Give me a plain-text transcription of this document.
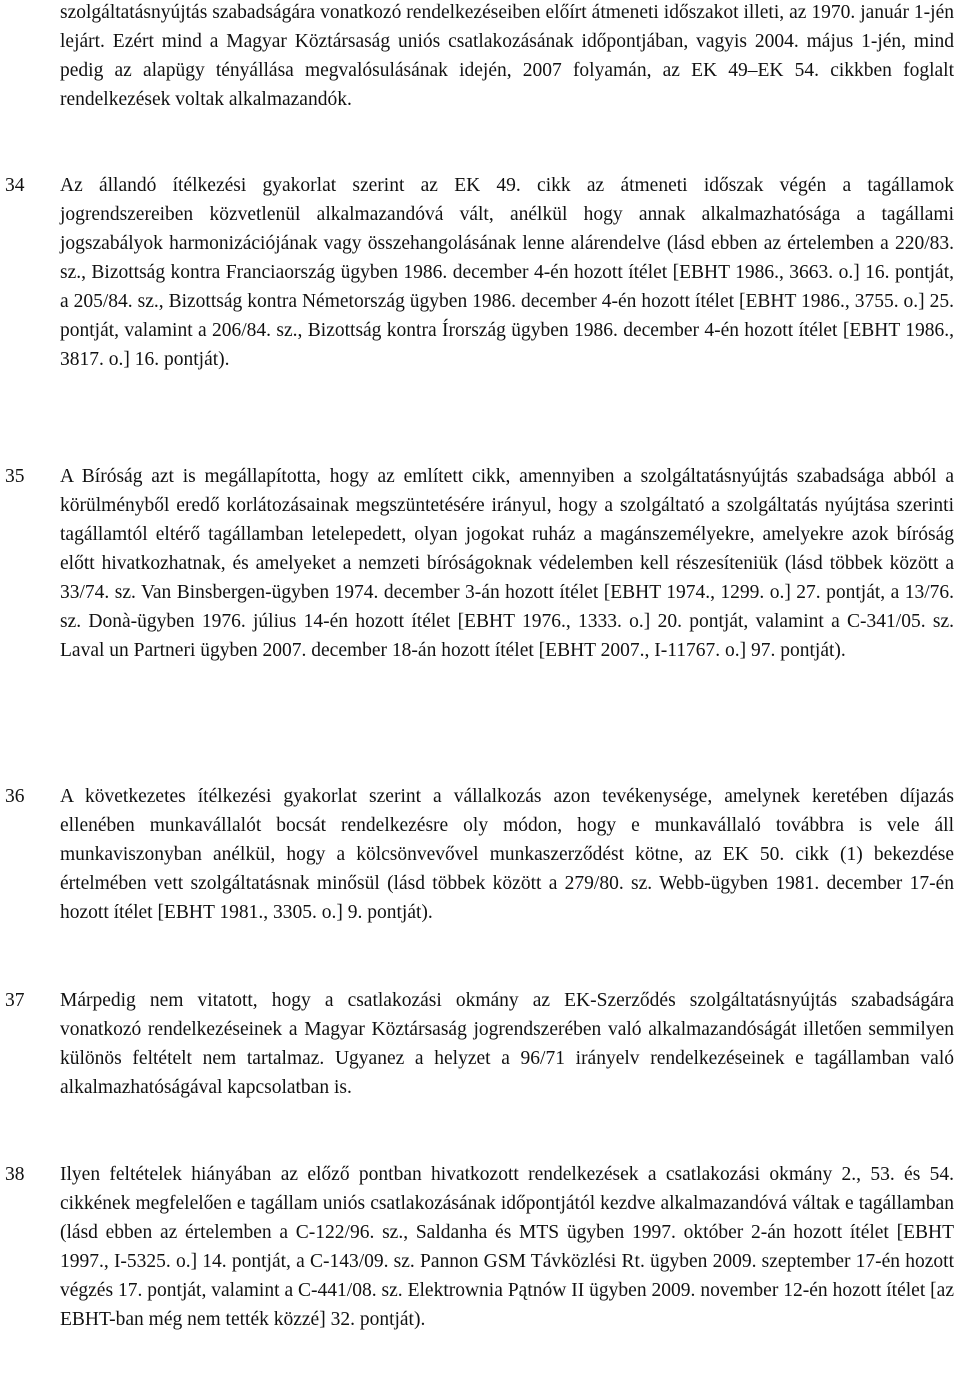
szolgáltatásnyújtás szabadságára vonatkozó rendelkezéseiben előírt átmeneti időszakot illeti, az 1970. január 1-jén lejárt. Ezért mind a Magyar Köztársaság uniós csatlakozásának időpontjában, vagyis 2004. május 1-jén, mind pedig az alapügy tényállása megvalósulásának idején, 2007 folyamán, az EK 49–EK 54. cikkben foglalt rendelkezések voltak alkalmazandók.
34 Az állandó ítélkezési gyakorlat szerint az EK 49. cikk az átmeneti időszak végén a tagállamok jogrendszereiben közvetlenül alkalmazandóvá vált, anélkül hogy annak alkalmazhatósága a tagállami jogszabályok harmonizációjának vagy összehangolásának lenne alárendelve (lásd ebben az értelemben a 220/83. sz., Bizottság kontra Franciaország ügyben 1986. december 4-én hozott ítélet [EBHT 1986., 3663. o.] 16. pontját, a 205/84. sz., Bizottság kontra Németország ügyben 1986. december 4-én hozott ítélet [EBHT 1986., 3755. o.] 25. pontját, valamint a 206/84. sz., Bizottság kontra Írország ügyben 1986. december 4-én hozott ítélet [EBHT 1986., 3817. o.] 16. pontját).
35 A Bíróság azt is megállapította, hogy az említett cikk, amennyiben a szolgáltatásnyújtás szabadsága abból a körülményből eredő korlátozásainak megszüntetésére irányul, hogy a szolgáltató a szolgáltatás nyújtása szerinti tagállamtól eltérő tagállamban letelepedett, olyan jogokat ruház a magánszemélyekre, amelyekre azok bíróság előtt hivatkozhatnak, és amelyeket a nemzeti bíróságoknak védelemben kell részesíteniük (lásd többek között a 33/74. sz. Van Binsbergen-ügyben 1974. december 3-án hozott ítélet [EBHT 1974., 1299. o.] 27. pontját, a 13/76. sz. Donà-ügyben 1976. július 14-én hozott ítélet [EBHT 1976., 1333. o.] 20. pontját, valamint a C-341/05. sz. Laval un Partneri ügyben 2007. december 18-án hozott ítélet [EBHT 2007., I-11767. o.] 97. pontját).
36 A következetes ítélkezési gyakorlat szerint a vállalkozás azon tevékenysége, amelynek keretében díjazás ellenében munkavállalót bocsát rendelkezésre oly módon, hogy e munkavállaló továbbra is vele áll munkaviszonyban anélkül, hogy a kölcsönvevővel munkaszerződést kötne, az EK 50. cikk (1) bekezdése értelmében vett szolgáltatásnak minősül (lásd többek között a 279/80. sz. Webb-ügyben 1981. december 17-én hozott ítélet [EBHT 1981., 3305. o.] 9. pontját).
37 Márpedig nem vitatott, hogy a csatlakozási okmány az EK-Szerződés szolgáltatásnyújtás szabadságára vonatkozó rendelkezéseinek a Magyar Köztársaság jogrendszerében való alkalmazandóságát illetően semmilyen különös feltételt nem tartalmaz. Ugyanez a helyzet a 96/71 irányelv rendelkezéseinek e tagállamban való alkalmazhatóságával kapcsolatban is.
38 Ilyen feltételek hiányában az előző pontban hivatkozott rendelkezések a csatlakozási okmány 2., 53. és 54. cikkének megfelelően e tagállam uniós csatlakozásának időpontjától kezdve alkalmazandóvá váltak e tagállamban (lásd ebben az értelemben a C-122/96. sz., Saldanha és MTS ügyben 1997. október 2-án hozott ítélet [EBHT 1997., I-5325. o.] 14. pontját, a C-143/09. sz. Pannon GSM Távközlési Rt. ügyben 2009. szeptember 17-én hozott végzés 17. pontját, valamint a C-441/08. sz. Elektrownia Pątnów II ügyben 2009. november 12-én hozott ítélet [az EBHT-ban még nem tették közzé] 32. pontját).
